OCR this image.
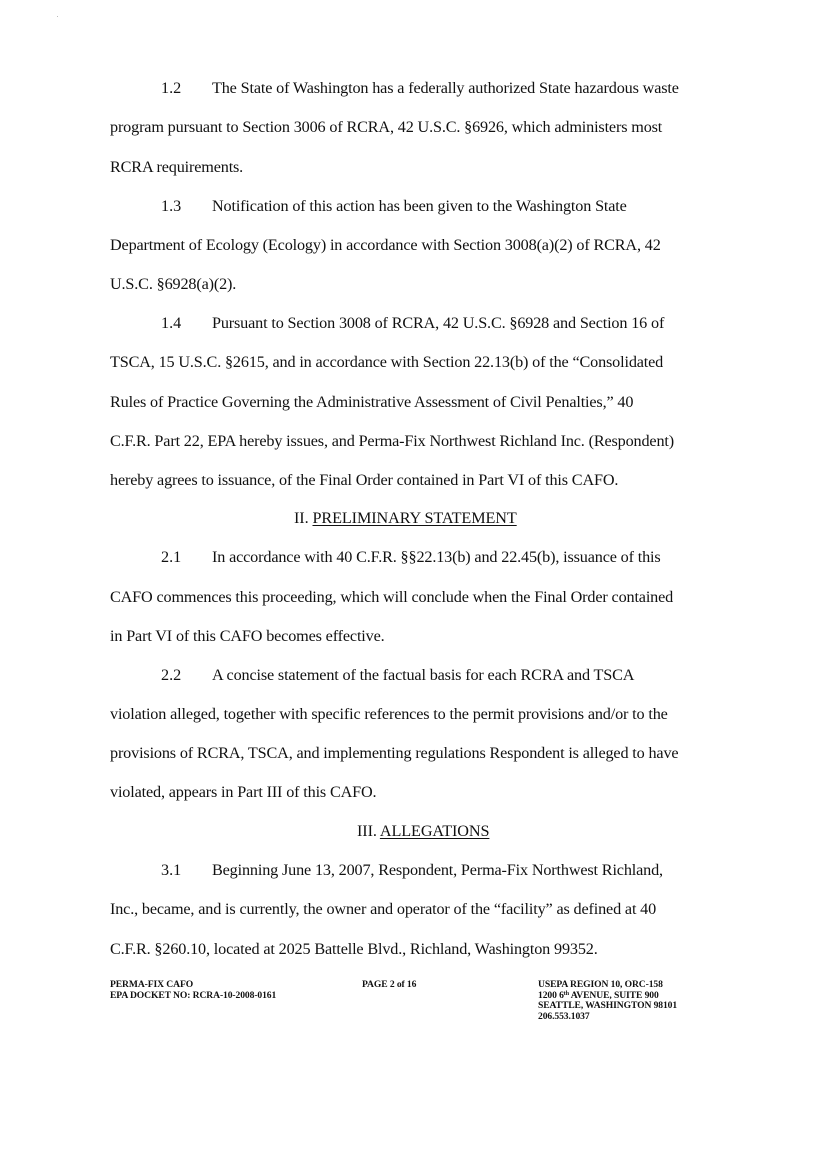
1.2 The State of Washington has a federally authorized State hazardous waste
program pursuant to Section 3006 of RCRA, 42 U.S.C. §6926, which administers most
RCRA requirements.
1.3 Notification of this action has been given to the Washington State
Department of Ecology (Ecology) in accordance with Section 3008(a)(2) of RCRA, 42
U.S.C. §6928(a)(2).
1.4 Pursuant to Section 3008 of RCRA, 42 U.S.C. §6928 and Section 16 of
TSCA, 15 U.S.C. §2615, and in accordance with Section 22.13(b) of the “Consolidated
Rules of Practice Governing the Administrative Assessment of Civil Penalties,” 40
C.F.R. Part 22, EPA hereby issues, and Perma-Fix Northwest Richland Inc. (Respondent)
hereby agrees to issuance, of the Final Order contained in Part VI of this CAFO.
II. PRELIMINARY STATEMENT
2.1 In accordance with 40 C.F.R. §§22.13(b) and 22.45(b), issuance of this
CAFO commences this proceeding, which will conclude when the Final Order contained
in Part VI of this CAFO becomes effective.
2.2 A concise statement of the factual basis for each RCRA and TSCA
violation alleged, together with specific references to the permit provisions and/or to the
provisions of RCRA, TSCA, and implementing regulations Respondent is alleged to have
violated, appears in Part III of this CAFO.
III. ALLEGATIONS
3.1 Beginning June 13, 2007, Respondent, Perma-Fix Northwest Richland,
Inc., became, and is currently, the owner and operator of the “facility” as defined at 40
C.F.R. §260.10, located at 2025 Battelle Blvd., Richland, Washington 99352.
PERMA-FIX CAFO
EPA DOCKET NO: RCRA-10-2008-0161
PAGE 2 of 16	USEPA REGION 10, ORC-158
1200 6th AVENUE, SUITE 900
SEATTLE, WASHINGTON 98101
206.553.1037
